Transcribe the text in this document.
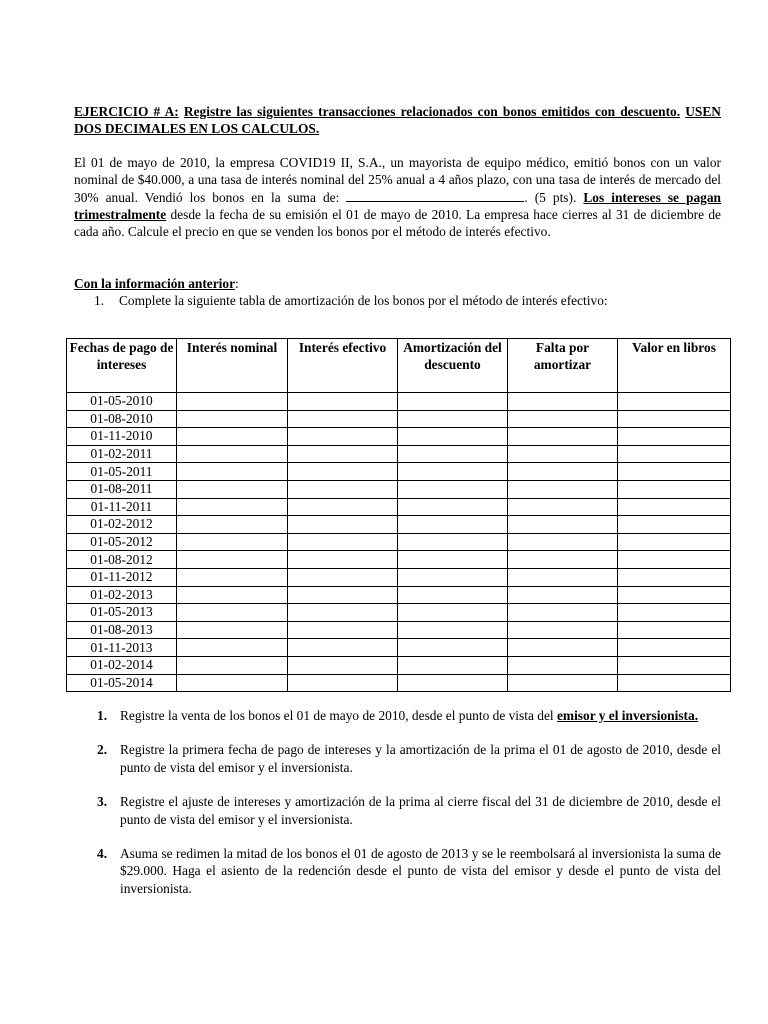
EJERCICIO # A: Registre las siguientes transacciones relacionados con bonos emitidos con descuento. USEN DOS DECIMALES EN LOS CALCULOS.

El 01 de mayo de 2010, la empresa COVID19 II, S.A., un mayorista de equipo médico, emitió bonos con un valor nominal de $40.000, a una tasa de interés nominal del 25% anual a 4 años plazo, con una tasa de interés de mercado del 30% anual. Vendió los bonos en la suma de:	. (5 pts). Los intereses se pagan trimestralmente desde la fecha de su emisión el 01 de mayo de 2010. La empresa hace cierres al 31 de diciembre de cada año. Calcule el precio en que se venden los bonos por el método de interés efectivo.

Con la información anterior:

1.	Complete la siguiente tabla de amortización de los bonos por el método de interés efectivo:

Fechas de pago de intereses	Interés nominal	Interés efectivo	Amortización del descuento	Falta por amortizar	Valor en libros
01-05-2010					
01-08-2010					
01-11-2010					
01-02-2011					
01-05-2011					
01-08-2011					
01-11-2011					
01-02-2012					
01-05-2012					
01-08-2012					
01-11-2012					
01-02-2013					
01-05-2013					
01-08-2013					
01-11-2013					
01-02-2014					
01-05-2014					
1. Registre la venta de los bonos el 01 de mayo de 2010, desde el punto de vista del emisor y el inversionista.
2. Registre la primera fecha de pago de intereses y la amortización de la prima el 01 de agosto de 2010, desde el punto de vista del emisor y el inversionista.
3. Registre el ajuste de intereses y amortización de la prima al cierre fiscal del 31 de diciembre de 2010, desde el punto de vista del emisor y el inversionista.
4. Asuma se redimen la mitad de los bonos el 01 de agosto de 2013 y se le reembolsará al inversionista la suma de $29.000. Haga el asiento de la redención desde el punto de vista del emisor y desde el punto de vista del inversionista.
